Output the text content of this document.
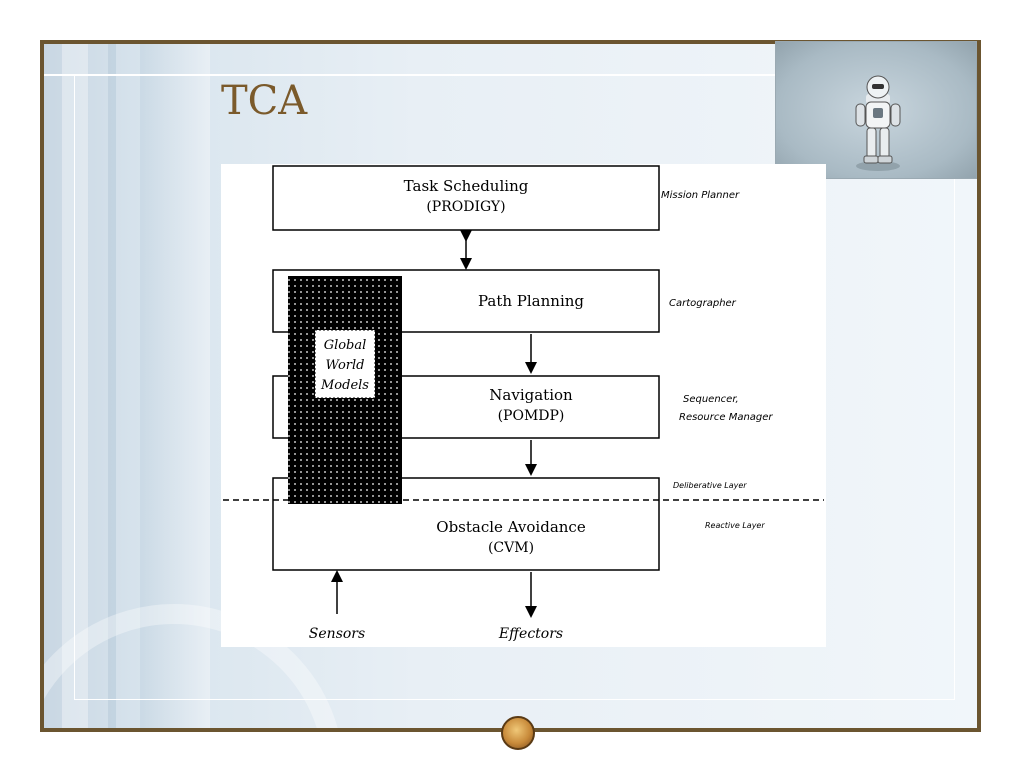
TCA
Task Scheduling
(PRODIGY)
Mission Planner
Path Planning	Cartographer
Navigation
(POMDP)
Sequencer,
Resource Manager
Obstacle Avoidance
(CVM)
Deliberative Layer
Reactive Layer
Global
World
Models
Sensors	Effectors
